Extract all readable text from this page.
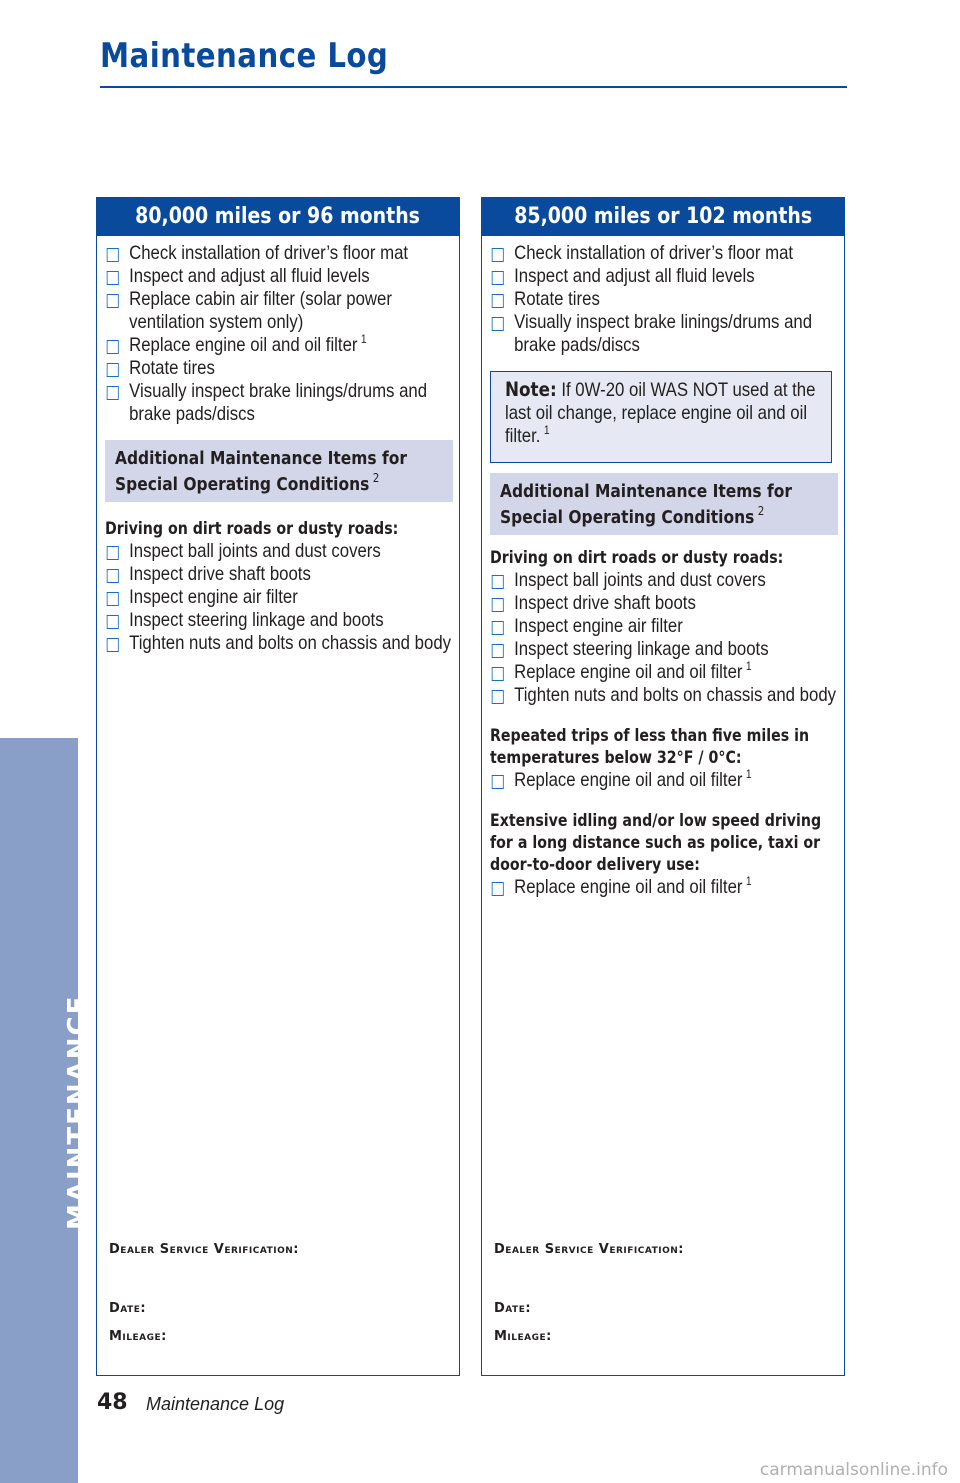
Maintenance Log
MAINTENANCE
80,000 miles or 96 months
Check installation of driver’s floor mat
Inspect and adjust all fluid levels
Replace cabin air filter (solar power ventilation system only)
Replace engine oil and oil filter $^1$
Rotate tires
Visually inspect brake linings/drums and brake pads/discs
Additional Maintenance Items for
Special Operating Conditions $^2$
Driving on dirt roads or dusty roads:
Inspect ball joints and dust covers
Inspect drive shaft boots
Inspect engine air filter
Inspect steering linkage and boots
Tighten nuts and bolts on chassis and body
Dealer Service Verification:
Date:
Mileage:
85,000 miles or 102 months
Check installation of driver’s floor mat
Inspect and adjust all fluid levels
Rotate tires
Visually inspect brake linings/drums and brake pads/discs
Note: If 0W-20 oil WAS NOT used at the last oil change, replace engine oil and oil filter. $^1$
Additional Maintenance Items for
Special Operating Conditions $^2$
Driving on dirt roads or dusty roads:
Inspect ball joints and dust covers
Inspect drive shaft boots
Inspect engine air filter
Inspect steering linkage and boots
Replace engine oil and oil filter $^1$
Tighten nuts and bolts on chassis and body
Repeated trips of less than five miles in temperatures below 32°F / 0°C:
Replace engine oil and oil filter $^1$
Extensive idling and/or low speed driving for a long distance such as police, taxi or door-to-door delivery use:
Replace engine oil and oil filter $^1$
Dealer Service Verification:
Date:
Mileage:
48 Maintenance Log
carmanualsonline.info
